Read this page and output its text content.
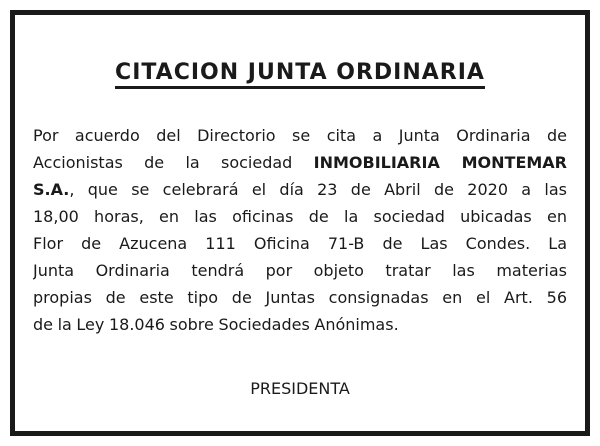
CITACION JUNTA ORDINARIA
Por acuerdo del Directorio se cita a Junta Ordinaria de
Accionistas de la sociedad INMOBILIARIA MONTEMAR
S.A., que se celebrará el día 23 de Abril de 2020 a las
18,00 horas, en las oficinas de la sociedad ubicadas en
Flor de Azucena 111 Oficina 71-B de Las Condes. La
Junta Ordinaria tendrá por objeto tratar las materias
propias de este tipo de Juntas consignadas en el Art. 56
de la Ley 18.046 sobre Sociedades Anónimas.

PRESIDENTA
